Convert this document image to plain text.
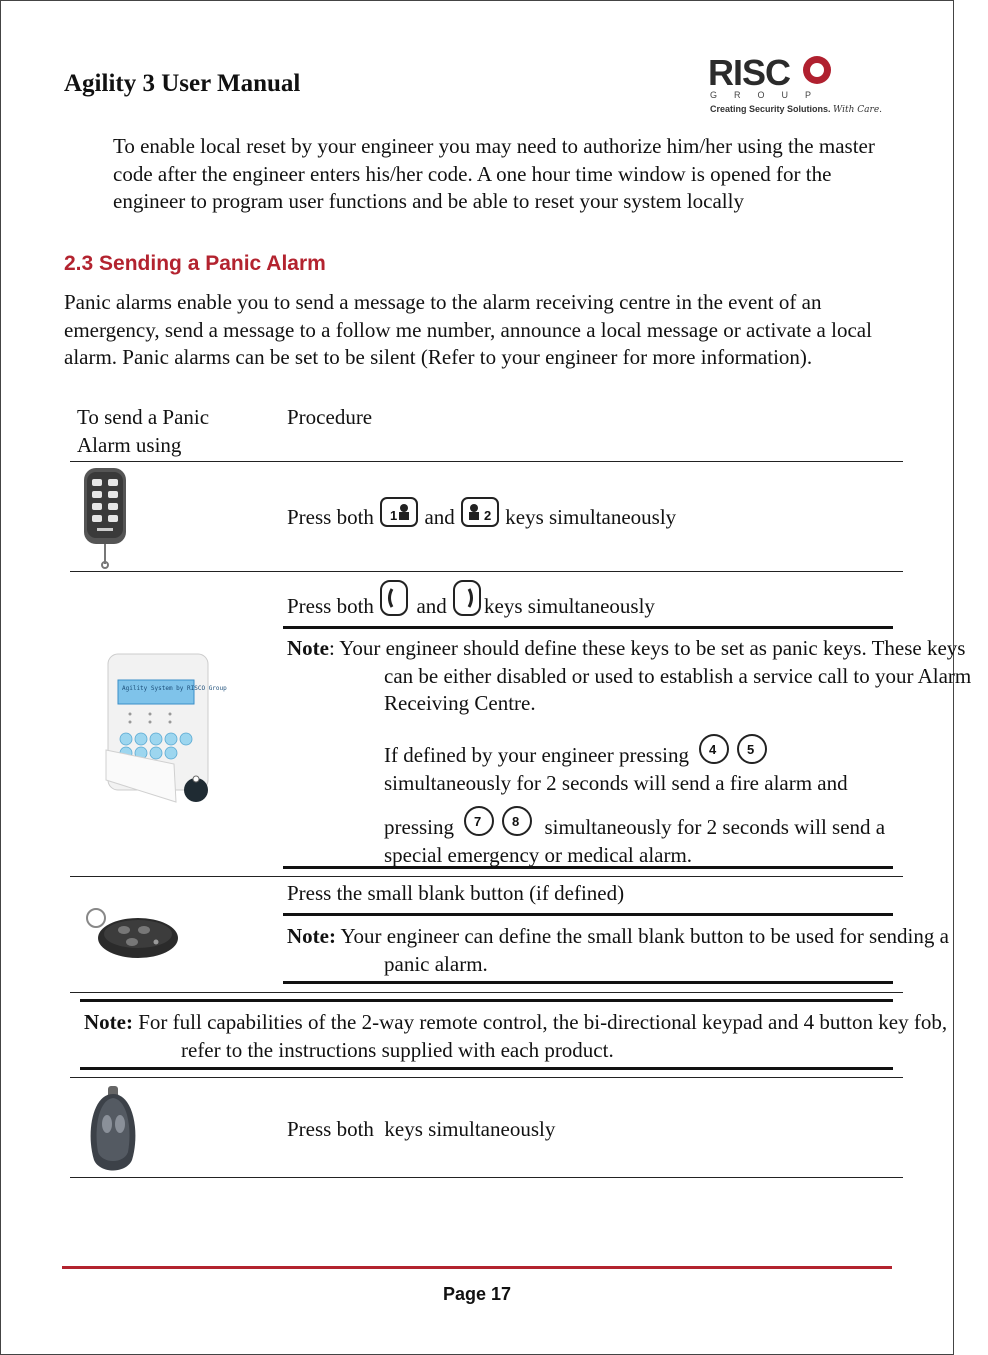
Agility 3 User Manual	RISC
GROUP
Creating Security Solutions. With Care.
To enable local reset by your engineer you may need to authorize him/her using the master code after the engineer enters his/her code. A one hour time window is opened for the engineer to program user functions and be able to reset your system locally
2.3 Sending a Panic Alarm
Panic alarms enable you to send a message to the alarm receiving centre in the event of an emergency, send a message to a follow me number, announce a local message or activate a local alarm. Panic alarms can be set to be silent (Refer to your engineer for more information).
To send a Panic Alarm using
Procedure
Press both 1 and 2 keys simultaneously
Agility System by RISCO Group
Press both and keys simultaneously
Note: Your engineer should define these keys to be set as panic keys. These keys can be either disabled or used to establish a service call to your Alarm Receiving Centre.
If defined by your engineer pressing 4 5
simultaneously for 2 seconds will send a fire alarm and
pressing 7 8 simultaneously for 2 seconds will send a special emergency or medical alarm.
Press the small blank button (if defined)
Note: Your engineer can define the small blank button to be used for sending a panic alarm.
Note: For full capabilities of the 2-way remote control, the bi-directional keypad and 4 button key fob, refer to the instructions supplied with each product.
Press both  keys simultaneously
Page 17
